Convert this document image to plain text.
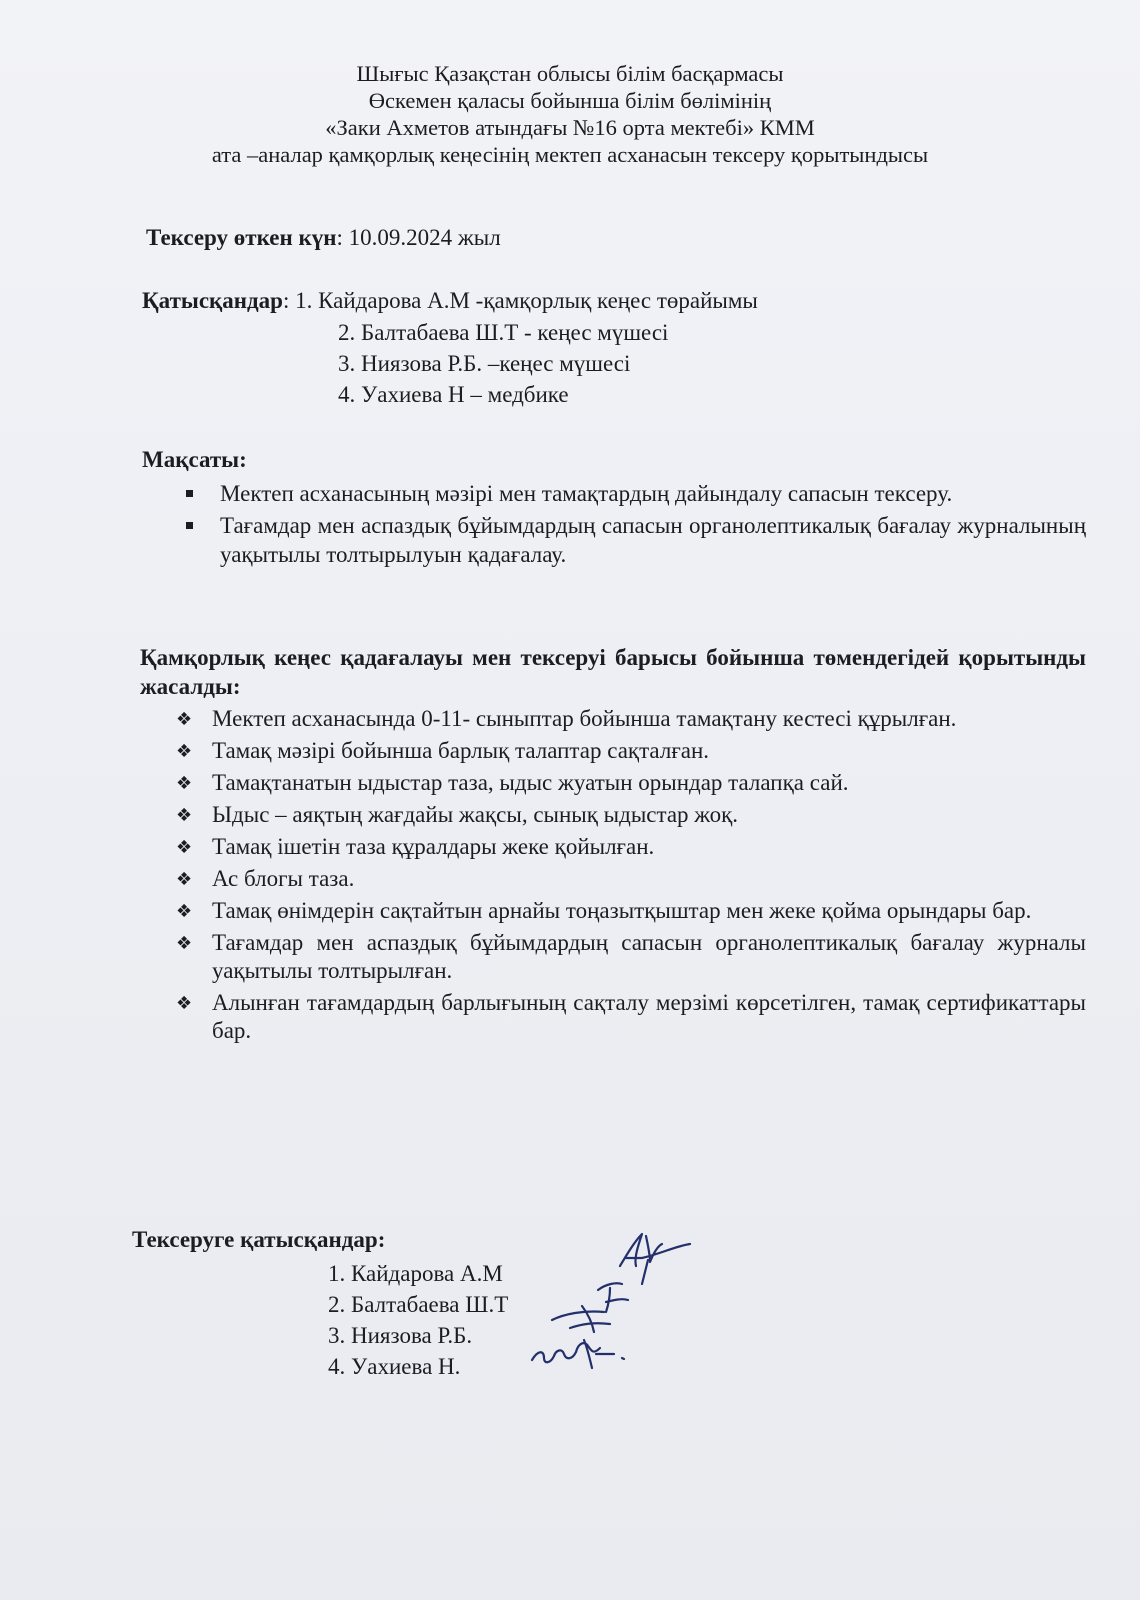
Шығыс Қазақстан облысы білім басқармасы
Өскемен қаласы бойынша білім бөлімінің
«Заки Ахметов атындағы №16 орта мектебі» КММ
ата –аналар қамқорлық кеңесінің мектеп асханасын тексеру қорытындысы
Тексеру өткен күн: 10.09.2024 жыл
Қатысқандар: 1. Кайдарова А.М -қамқорлық кеңес төрайымы
2. Балтабаева Ш.Т - кеңес мүшесі
3. Ниязова Р.Б. –кеңес мүшесі
4. Уахиева Н – медбике
Мақсаты:
Мектеп асханасының мәзірі мен тамақтардың дайындалу сапасын тексеру.
Тағамдар мен аспаздық бұйымдардың сапасын органолептикалық бағалау журналының уақытылы толтырылуын қадағалау.
Қамқорлық кеңес қадағалауы мен тексеруі барысы бойынша төмендегідей қорытынды жасалды:
❖ Мектеп асханасында 0-11- сыныптар бойынша тамақтану кестесі құрылған.
❖ Тамақ мәзірі бойынша барлық талаптар сақталған.
❖ Тамақтанатын ыдыстар таза, ыдыс жуатын орындар талапқа сай.
❖ Ыдыс – аяқтың жағдайы жақсы, сынық ыдыстар жоқ.
❖ Тамақ ішетін таза құралдары жеке қойылған.
❖ Ас блогы таза.
❖ Тамақ өнімдерін сақтайтын арнайы тоңазытқыштар мен жеке қойма орындары бар.
❖ Тағамдар мен аспаздық бұйымдардың сапасын органолептикалық бағалау журналы уақытылы толтырылған.
❖ Алынған тағамдардың барлығының сақталу мерзімі көрсетілген, тамақ сертификаттары бар.
Тексеруге қатысқандар:
1. Кайдарова А.М
2. Балтабаева Ш.Т
3. Ниязова Р.Б.
4. Уахиева Н.
